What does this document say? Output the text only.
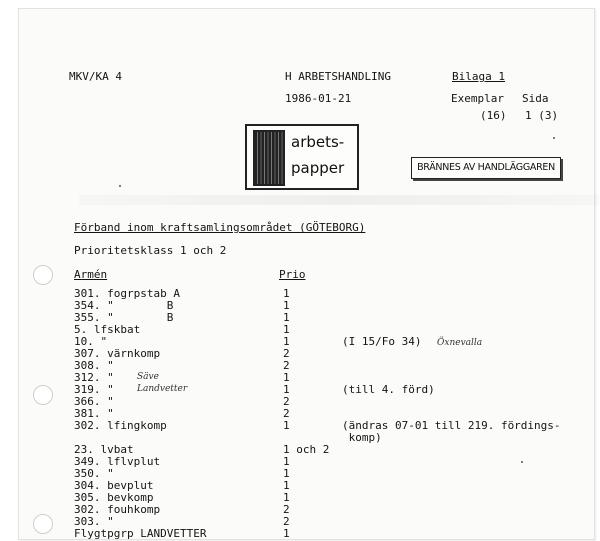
MKV/KA 4	H ARBETSHANDLING	Bilaga 1
1986-01-21	Exemplar Sida
(16) 1 (3)
arbets-
papper	BRÄNNES AV HANDLÄGGAREN
Förband inom kraftsamlingsområdet (GÖTEBORG)
Prioritetsklass 1 och 2
Armén	Prio
301. fogrpstab A	1
354. "        B	1
355. "        B	1
5. lfskbat	1
10. "	1	(I 15/Fo 34) Öxnevalla
307. värnkomp	2
308. "	2
312. "	1
Säve
319. "	1	(till 4. förd)
Landvetter
366. "	2
381. "	2
302. lfingkomp	1	(ändras 07-01 till 219. fördings-
komp)
23. lvbat	1 och 2
349. lflvplut	1
350. "	1
304. bevplut	1
305. bevkomp	1
302. fouhkomp	2
303. "	2
Flygtpgrp LANDVETTER	1
